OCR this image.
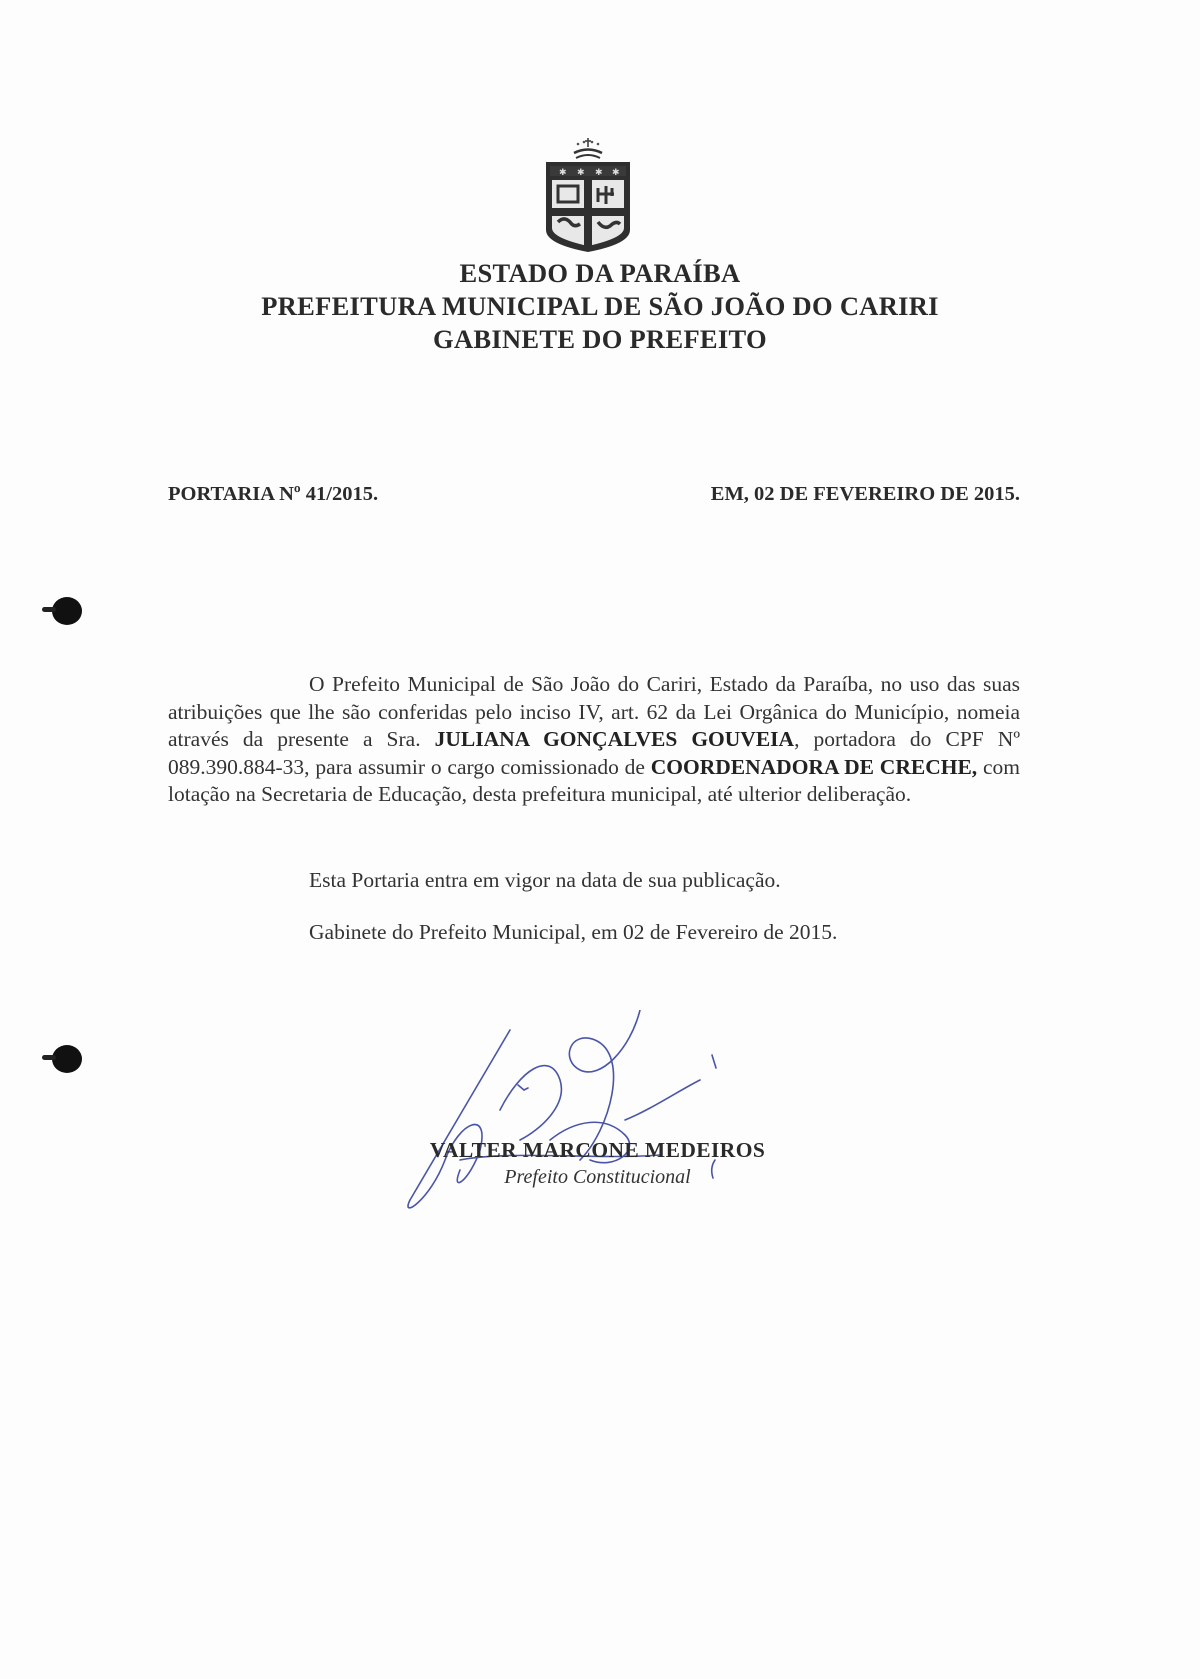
✱ ✱ ✱ ✱
ESTADO DA PARAÍBA
PREFEITURA MUNICIPAL DE SÃO JOÃO DO CARIRI
GABINETE DO PREFEITO
PORTARIA Nº 41/2015.	EM, 02 DE FEVEREIRO DE 2015.

O Prefeito Municipal de São João do Cariri, Estado da Paraíba, no uso das suas atribuições que lhe são conferidas pelo inciso IV, art. 62 da Lei Orgânica do Município, nomeia através da presente a Sra. JULIANA GONÇALVES GOUVEIA, portadora do CPF Nº 089.390.884-33, para assumir o cargo comissionado de COORDENADORA DE CRECHE, com lotação na Secretaria de Educação, desta prefeitura municipal, até ulterior deliberação.

Esta Portaria entra em vigor na data de sua publicação.
Gabinete do Prefeito Municipal, em 02 de Fevereiro de 2015.
VALTER MARCONE MEDEIROS
Prefeito Constitucional
